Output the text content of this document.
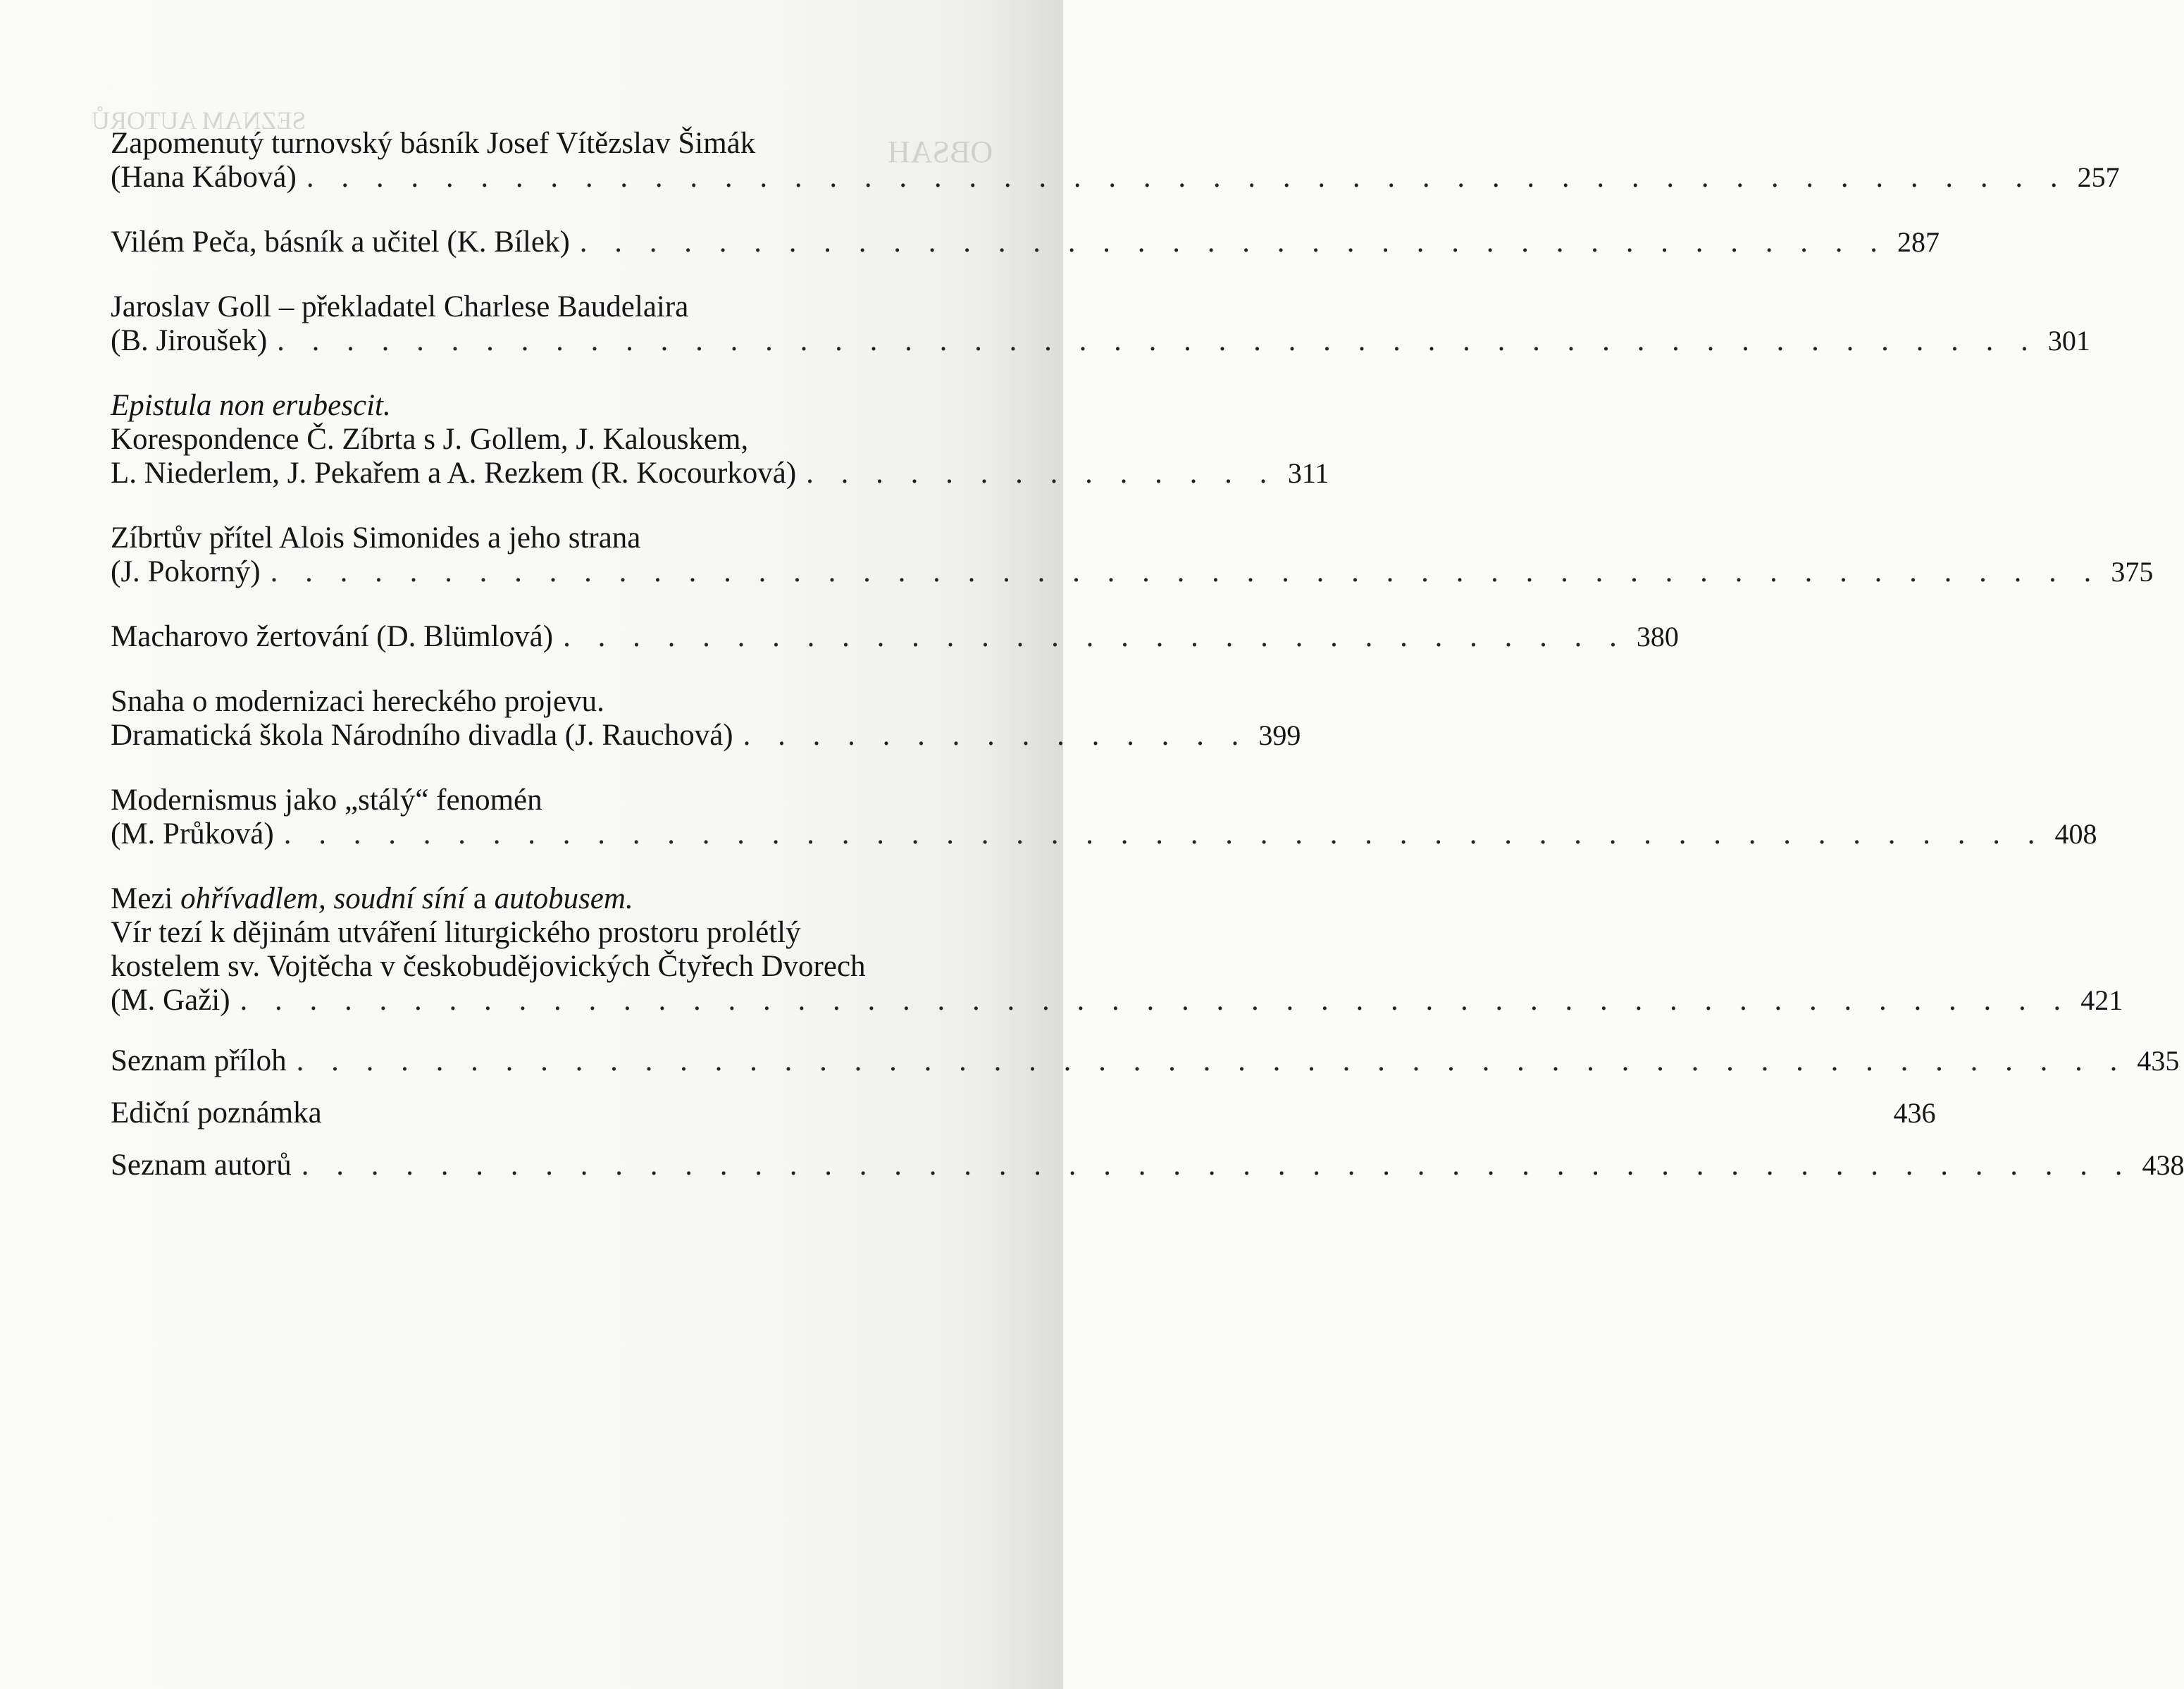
SEZNAM AUTORŮ
OBSAH
Zapomenutý turnovský básník Josef Vítězslav Šimák
(Hana Kábová) . . . . . . . . . . . . . . . . . . . . . . . . . . . . . . . . . . . . . . . . . . . . . . . . . . . 257
Vilém Peča, básník a učitel (K. Bílek) . . . . . . . . . . . . . . . . . . . . . . . . . . . . . . . . . . . . . . 287
Jaroslav Goll – překladatel Charlese Baudelaira
(B. Jiroušek) . . . . . . . . . . . . . . . . . . . . . . . . . . . . . . . . . . . . . . . . . . . . . . . . . . . 301
Epistula non erubescit.
Korespondence Č. Zíbrta s J. Gollem, J. Kalouskem,
L. Niederlem, J. Pekařem a A. Rezkem (R. Kocourková) . . . . . . . . . . . . . . 311
Zíbrtův přítel Alois Simonides a jeho strana
(J. Pokorný) . . . . . . . . . . . . . . . . . . . . . . . . . . . . . . . . . . . . . . . . . . . . . . . . . . . . . 375
Macharovo žertování (D. Blümlová) . . . . . . . . . . . . . . . . . . . . . . . . . . . . . . . 380
Snaha o modernizaci hereckého projevu.
Dramatická škola Národního divadla (J. Rauchová) . . . . . . . . . . . . . . . 399
Modernismus jako „stálý“ fenomén
(M. Průková) . . . . . . . . . . . . . . . . . . . . . . . . . . . . . . . . . . . . . . . . . . . . . . . . . . . 408
Mezi ohřívadlem, soudní síní a autobusem.
Vír tezí k dějinám utváření liturgického prostoru prolétlý
kostelem sv. Vojtěcha v českobudějovických Čtyřech Dvorech
(M. Gaži) . . . . . . . . . . . . . . . . . . . . . . . . . . . . . . . . . . . . . . . . . . . . . . . . . . . . . 421
Seznam příloh . . . . . . . . . . . . . . . . . . . . . . . . . . . . . . . . . . . . . . . . . . . . . . . . . . . . . 435
Ediční poznámka	436
Seznam autorů . . . . . . . . . . . . . . . . . . . . . . . . . . . . . . . . . . . . . . . . . . . . . . . . . . . . . 438
